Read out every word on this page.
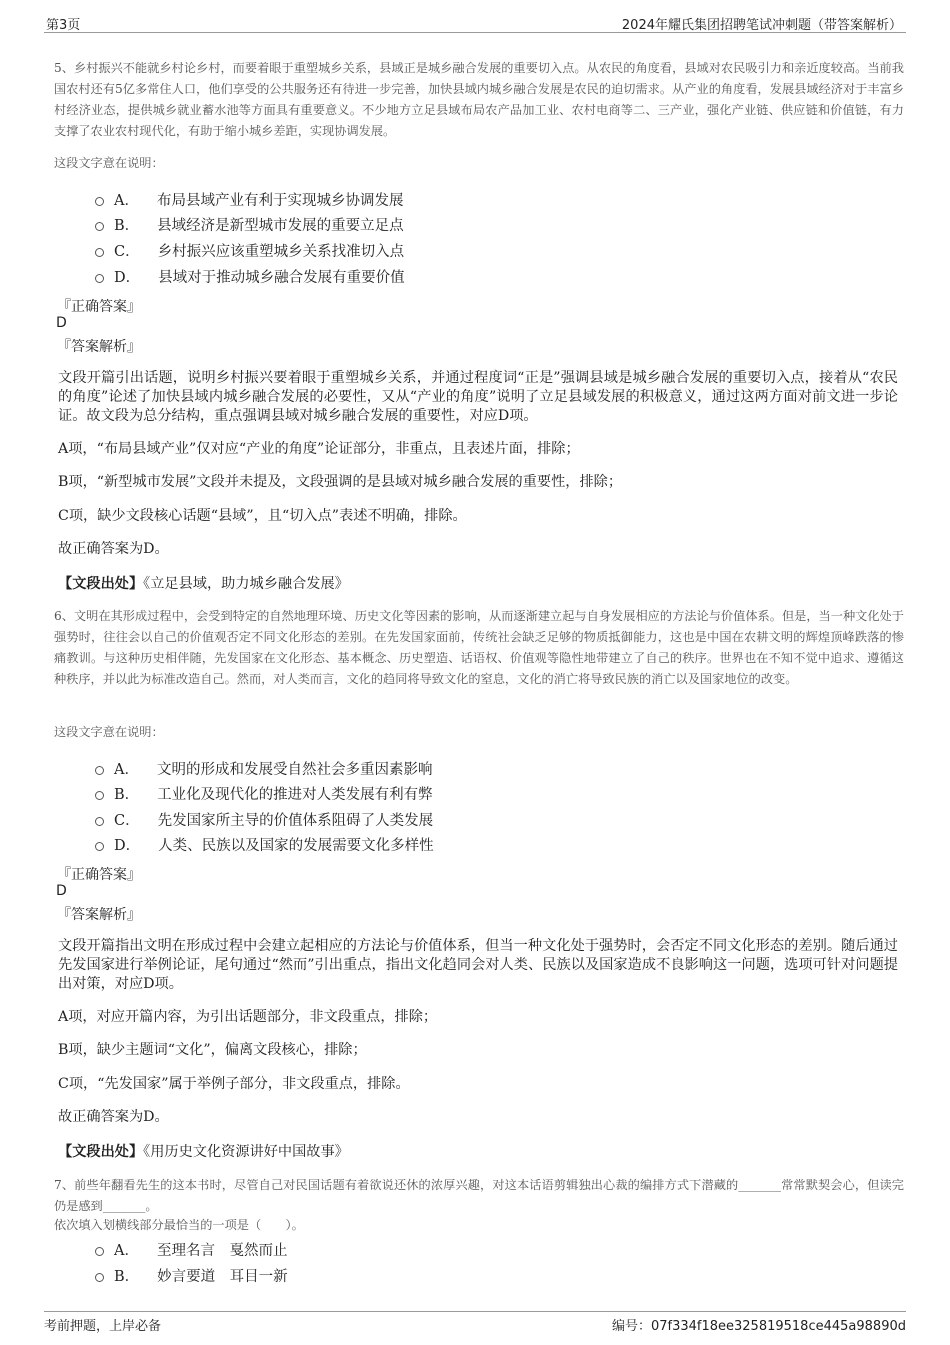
第3页	2024年耀氏集团招聘笔试冲刺题（带答案解析）
5、乡村振兴不能就乡村论乡村，而要着眼于重塑城乡关系，县域正是城乡融合发展的重要切入点。从农民的角度看，县域对农民吸引力和亲近度较高。当前我国农村还有5亿多常住人口，他们享受的公共服务还有待进一步完善，加快县域内城乡融合发展是农民的迫切需求。从产业的角度看，发展县域经济对于丰富乡村经济业态，提供城乡就业蓄水池等方面具有重要意义。不少地方立足县域布局农产品加工业、农村电商等二、三产业，强化产业链、供应链和价值链，有力支撑了农业农村现代化，有助于缩小城乡差距，实现协调发展。
这段文字意在说明：
A． 布局县域产业有利于实现城乡协调发展
B． 县域经济是新型城市发展的重要立足点
C． 乡村振兴应该重塑城乡关系找准切入点
D． 县域对于推动城乡融合发展有重要价值
『正确答案』
D
『答案解析』
文段开篇引出话题，说明乡村振兴要着眼于重塑城乡关系，并通过程度词“正是”强调县域是城乡融合发展的重要切入点，接着从“农民的角度”论述了加快县域内城乡融合发展的必要性，又从“产业的角度”说明了立足县域发展的积极意义，通过这两方面对前文进一步论证。故文段为总分结构，重点强调县域对城乡融合发展的重要性，对应D项。
A项，“布局县域产业”仅对应“产业的角度”论证部分，非重点，且表述片面，排除；
B项，“新型城市发展”文段并未提及，文段强调的是县域对城乡融合发展的重要性，排除；
C项，缺少文段核心话题“县域”，且“切入点”表述不明确，排除。
故正确答案为D。
【文段出处】《立足县域，助力城乡融合发展》
6、文明在其形成过程中，会受到特定的自然地理环境、历史文化等因素的影响，从而逐渐建立起与自身发展相应的方法论与价值体系。但是，当一种文化处于强势时，往往会以自己的价值观否定不同文化形态的差别。在先发国家面前，传统社会缺乏足够的物质抵御能力，这也是中国在农耕文明的辉煌顶峰跌落的惨痛教训。与这种历史相伴随，先发国家在文化形态、基本概念、历史塑造、话语权、价值观等隐性地带建立了自己的秩序。世界也在不知不觉中追求、遵循这种秩序，并以此为标准改造自己。然而，对人类而言，文化的趋同将导致文化的窒息，文化的消亡将导致民族的消亡以及国家地位的改变。
这段文字意在说明：
A． 文明的形成和发展受自然社会多重因素影响
B． 工业化及现代化的推进对人类发展有利有弊
C． 先发国家所主导的价值体系阻碍了人类发展
D． 人类、民族以及国家的发展需要文化多样性
『正确答案』
D
『答案解析』
文段开篇指出文明在形成过程中会建立起相应的方法论与价值体系，但当一种文化处于强势时，会否定不同文化形态的差别。随后通过先发国家进行举例论证，尾句通过“然而”引出重点，指出文化趋同会对人类、民族以及国家造成不良影响这一问题，选项可针对问题提出对策，对应D项。
A项，对应开篇内容，为引出话题部分，非文段重点，排除；
B项，缺少主题词“文化”，偏离文段核心，排除；
C项，“先发国家”属于举例子部分，非文段重点，排除。
故正确答案为D。
【文段出处】《用历史文化资源讲好中国故事》
7、前些年翻看先生的这本书时，尽管自己对民国话题有着欲说还休的浓厚兴趣，对这本话语剪辑独出心裁的编排方式下潜藏的_______常常默契会心，但读完仍是感到_______。
依次填入划横线部分最恰当的一项是（　　）。
A． 至理名言　戛然而止
B． 妙言要道　耳目一新
考前押题，上岸必备	编号：07f334f18ee325819518ce445a98890d
